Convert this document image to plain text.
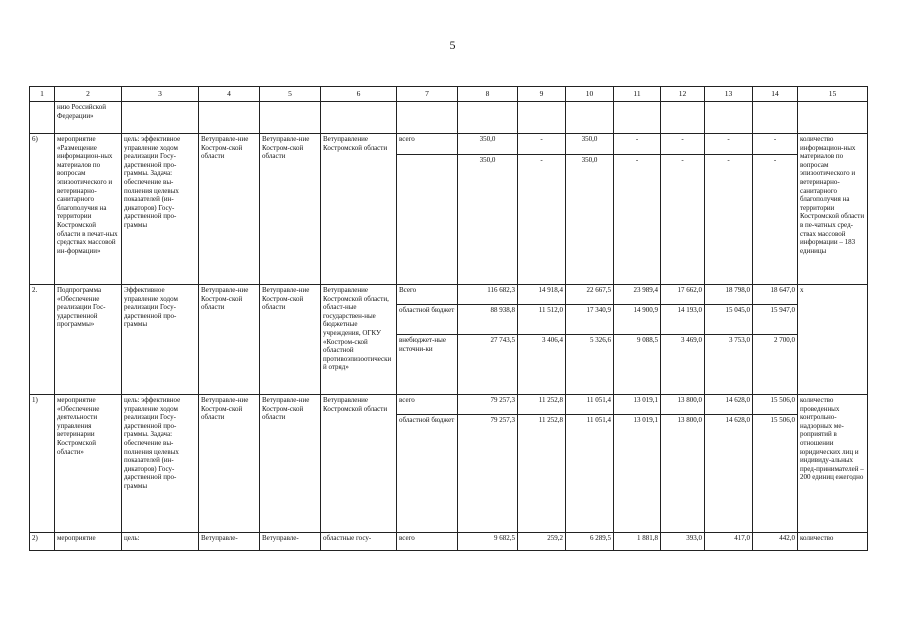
5
1	2	3	4	5	6	7	8	9	10	11	12	13	14	15
	нию Российской Федерации»													
6)	мероприятие «Размещение информацион-ных материалов по вопросам эпизоотического и ветеринарно-санитарного благополучия на территории Костромской области в печат-ных средствах массовой ин-формации»	цель: эффективное управление ходом реализации Госу-дарственной про-граммы. Задача: обеспечение вы-полнения целевых показателей (ин-дикаторов) Госу-дарственной про-граммы	Ветуправле-ние Костром-ской области	Ветуправле-ние Костром-ской области	Ветуправление Костромской области	всего	350,0	-	350,0	-	-	-	-	количество информацион-ных материалов по вопросам эпизоотического и ветеринарно-санитарного благополучия на территории Костромской области в пе-чатных сред-ствах массовой информации – 183 единицы
							350,0	-	350,0	-	-	-	-	
2.	Подпрограмма «Обеспечение реализации Гос-ударственной программы»	Эффективное управление ходом реализации Госу-дарственной про-граммы	Ветуправле-ние Костром-ской области	Ветуправле-ние Костром-ской области	Ветуправление Костромской области, област-ные государствен-ные бюджетные учреждения, ОГКУ «Костром-ской областной противоэпизоотический отряд»	Всего	116 682,3	14 918,4	22 667,5	23 989,4	17 662,0	18 798,0	18 647,0	х
						областной бюджет	88 938,8	11 512,0	17 340,9	14 900,9	14 193,0	15 045,0	15 947,0	
						внебюджет-ные источни-ки	27 743,5	3 406,4	5 326,6	9 088,5	3 469,0	3 753,0	2 700,0	
1)	мероприятие «Обеспечение деятельности управления ветеринарии Костромской области»	цель: эффективное управление ходом реализации Госу-дарственной про-граммы. Задача: обеспечение вы-полнения целевых показателей (ин-дикаторов) Госу-дарственной про-граммы	Ветуправле-ние Костром-ской области	Ветуправле-ние Костром-ской области	Ветуправление Костромской области	всего	79 257,3	11 252,8	11 051,4	13 019,1	13 800,0	14 628,0	15 506,0	количество проведенных контрольно-надзорных ме-роприятий в отношении юридических лиц и индивиду-альных пред-принимателей – 200 единиц ежегодно
						областной бюджет	79 257,3	11 252,8	11 051,4	13 019,1	13 800,0	14 628,0	15 506,0	
2)	мероприятие	цель:	Ветуправле-	Ветуправле-	областные госу-	всего	9 682,5	259,2	6 289,5	1 881,8	393,0	417,0	442,0	количество
